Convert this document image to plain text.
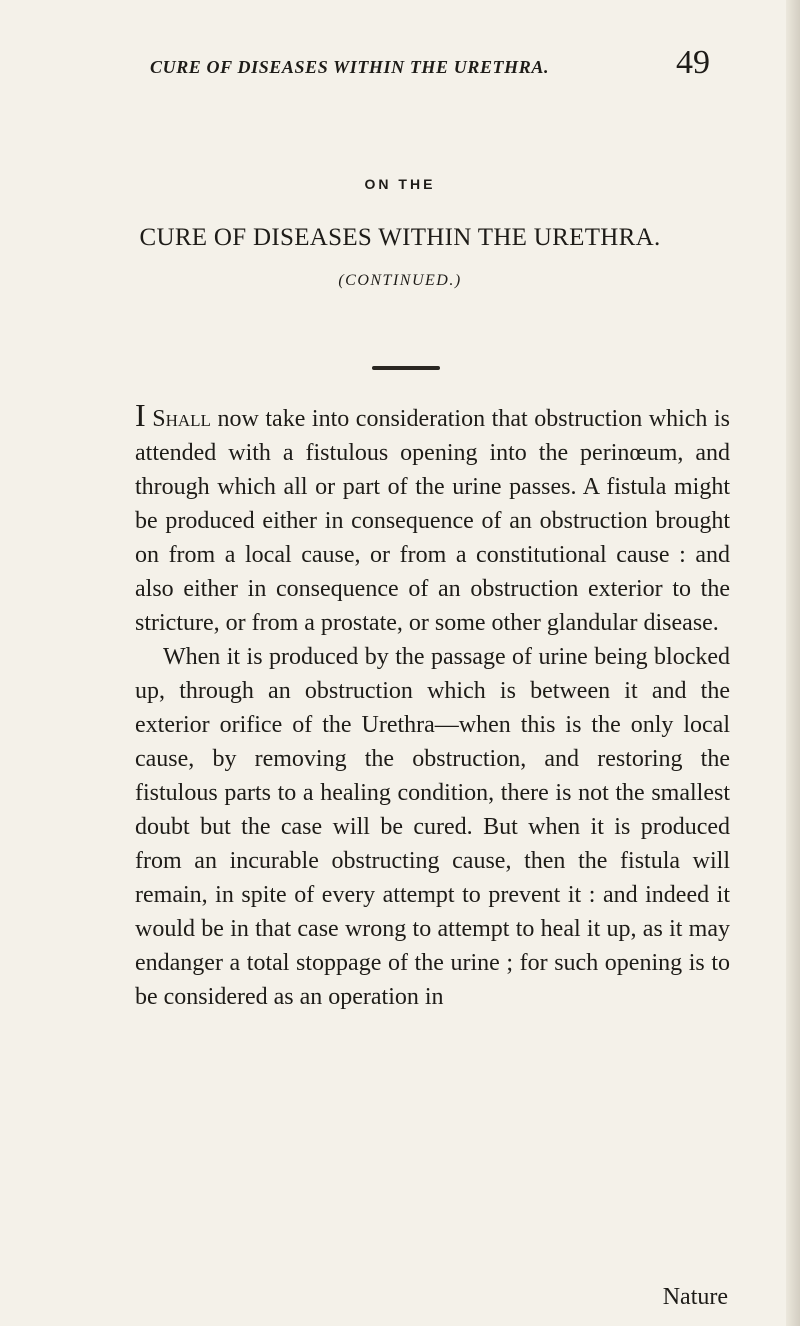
CURE OF DISEASES WITHIN THE URETHRA.	49
ON THE
CURE OF DISEASES WITHIN THE URETHRA.
(CONTINUED.)

I Shall now take into consideration that obstruction which is attended with a fistulous opening into the perinœum, and through which all or part of the urine passes. A fistula might be produced either in consequence of an obstruction brought on from a local cause, or from a constitutional cause : and also either in consequence of an obstruction exterior to the stricture, or from a prostate, or some other glandular disease.

When it is produced by the passage of urine being blocked up, through an obstruction which is between it and the exterior orifice of the Urethra—when this is the only local cause, by removing the obstruction, and restoring the fistulous parts to a healing condition, there is not the smallest doubt but the case will be cured. But when it is produced from an incurable obstructing cause, then the fistula will remain, in spite of every attempt to prevent it : and indeed it would be in that case wrong to attempt to heal it up, as it may endanger a total stoppage of the urine ; for such opening is to be considered as an operation in

Nature
